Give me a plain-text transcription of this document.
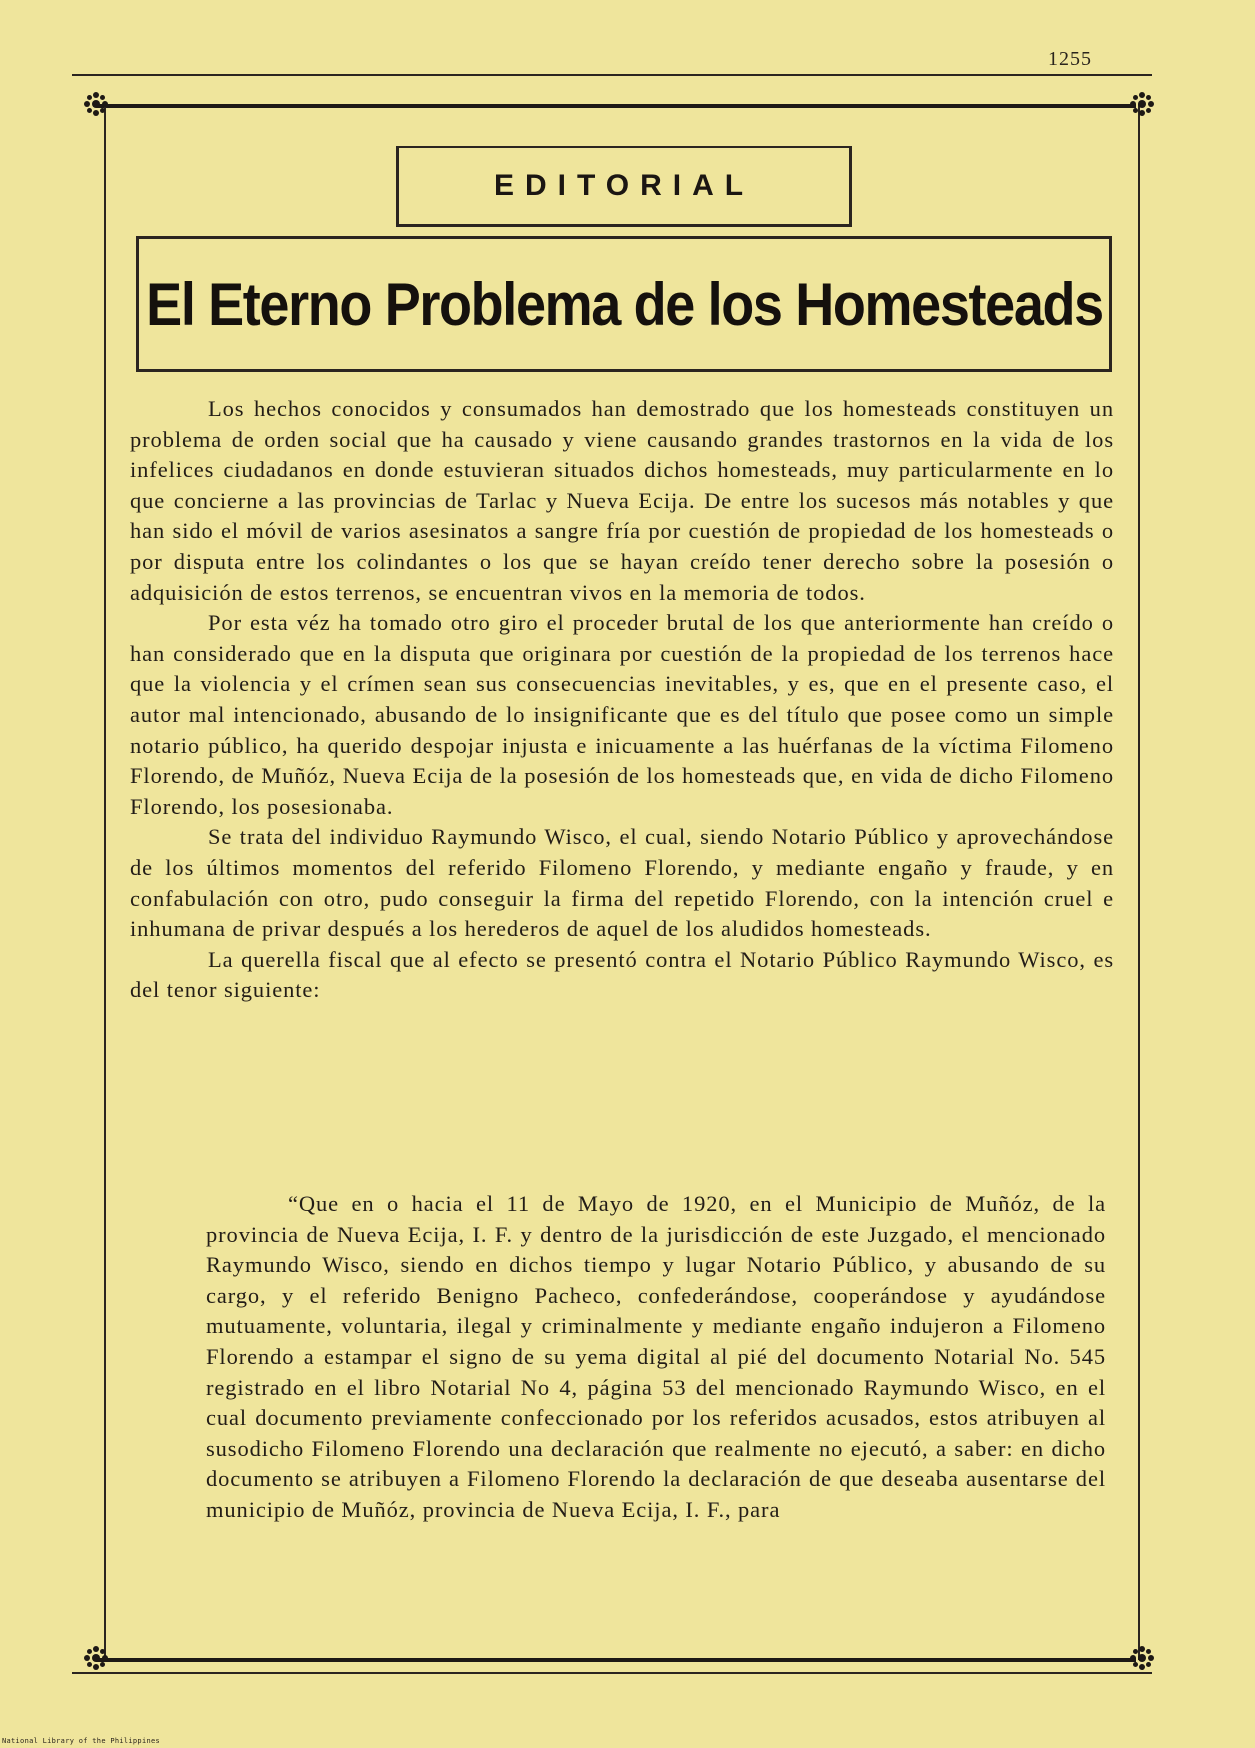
1255
EDITORIAL
El Eterno Problema de los Homesteads

Los hechos conocidos y consumados han demostrado que los homesteads constituyen un problema de orden social que ha causado y viene causando grandes trastornos en la vida de los infelices ciudadanos en donde estuvieran situados dichos homesteads, muy particularmente en lo que concierne a las provincias de Tarlac y Nueva Ecija. De entre los sucesos más notables y que han sido el móvil de varios asesinatos a sangre fría por cuestión de propiedad de los homesteads o por disputa entre los colindantes o los que se hayan creído tener derecho sobre la posesión o adquisición de estos terrenos, se encuentran vivos en la memoria de todos.

Por esta véz ha tomado otro giro el proceder brutal de los que anteriormente han creído o han considerado que en la disputa que originara por cuestión de la propiedad de los terrenos hace que la violencia y el crímen sean sus consecuencias inevitables, y es, que en el presente caso, el autor mal intencionado, abusando de lo insignificante que es del título que posee como un simple notario público, ha querido despojar injusta e inicuamente a las huérfanas de la víctima Filomeno Florendo, de Muñóz, Nueva Ecija de la posesión de los homesteads que, en vida de dicho Filomeno Florendo, los posesionaba.

Se trata del individuo Raymundo Wisco, el cual, siendo Notario Público y aprovechándose de los últimos momentos del referido Filomeno Florendo, y mediante engaño y fraude, y en confabulación con otro, pudo conseguir la firma del repetido Florendo, con la intención cruel e inhumana de privar después a los herederos de aquel de los aludidos homesteads.

La querella fiscal que al efecto se presentó contra el Notario Público Raymundo Wisco, es del tenor siguiente:

“Que en o hacia el 11 de Mayo de 1920, en el Municipio de Muñóz, de la provincia de Nueva Ecija, I. F. y dentro de la jurisdicción de este Juzgado, el mencionado Raymundo Wisco, siendo en dichos tiempo y lugar Notario Público, y abusando de su cargo, y el referido Benigno Pacheco, confederándose, cooperándose y ayudándose mutuamente, voluntaria, ilegal y criminalmente y mediante engaño indujeron a Filomeno Florendo a estampar el signo de su yema digital al pié del documento Notarial No. 545 registrado en el libro Notarial No 4, página 53 del mencionado Raymundo Wisco, en el cual documento previamente confeccionado por los referidos acusados, estos atribuyen al susodicho Filomeno Florendo una declaración que realmente no ejecutó, a saber: en dicho documento se atribuyen a Filomeno Florendo la declaración de que deseaba ausentarse del municipio de Muñóz, provincia de Nueva Ecija, I. F., para

National Library of the Philippines
